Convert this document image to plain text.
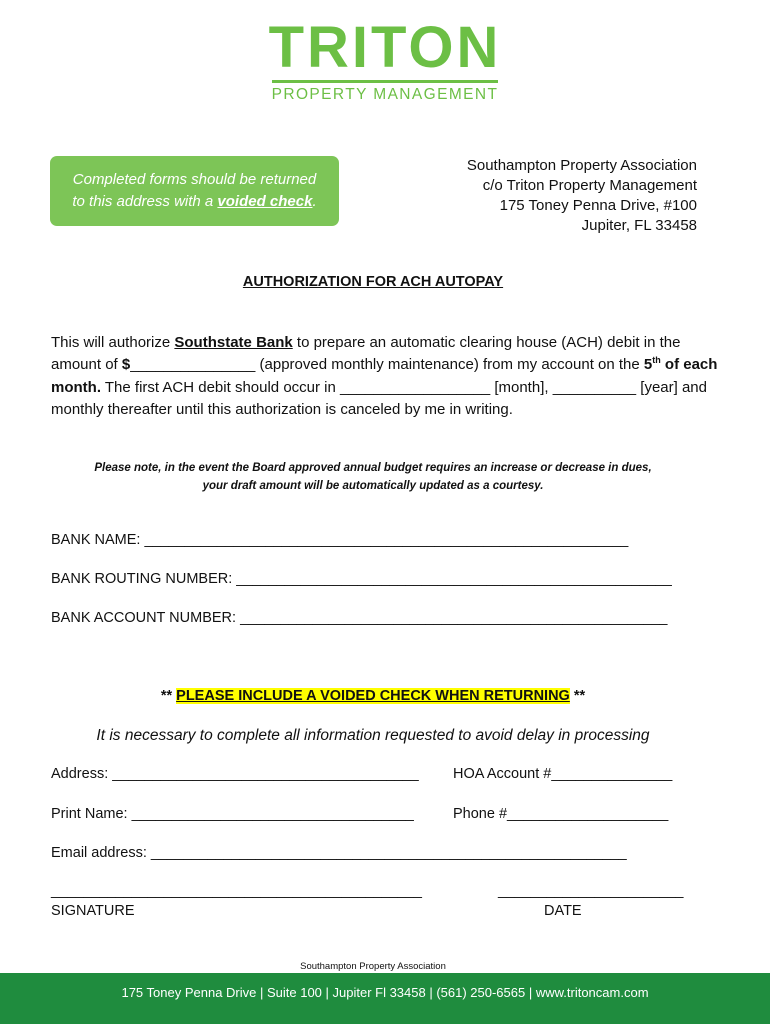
TRITON
PROPERTY MANAGEMENT
Completed forms should be returned
to this address with a voided check.
Southampton Property Association
c/o Triton Property Management
175 Toney Penna Drive, #100
Jupiter, FL 33458
AUTHORIZATION FOR ACH AUTOPAY
This will authorize Southstate Bank to prepare an automatic clearing house (ACH) debit in the amount of $_______________ (approved monthly maintenance) from my account on the 5th of each month. The first ACH debit should occur in __________________ [month], __________ [year] and monthly thereafter until this authorization is canceled by me in writing.
Please note, in the event the Board approved annual budget requires an increase or decrease in dues,
your draft amount will be automatically updated as a courtesy.
BANK NAME: ____________________________________________________________
BANK ROUTING NUMBER: ______________________________________________________
BANK ACCOUNT NUMBER: _____________________________________________________
** PLEASE INCLUDE A VOIDED CHECK WHEN RETURNING **
It is necessary to complete all information requested to avoid delay in processing
Address: ______________________________________ HOA Account #_______________
Print Name: ___________________________________	Phone #____________________
Email address: ___________________________________________________________
______________________________________________	_______________________
SIGNATURE	DATE
Southampton Property Association
175 Toney Penna Drive | Suite 100 | Jupiter Fl 33458 | (561) 250-6565 | www.tritoncam.com
